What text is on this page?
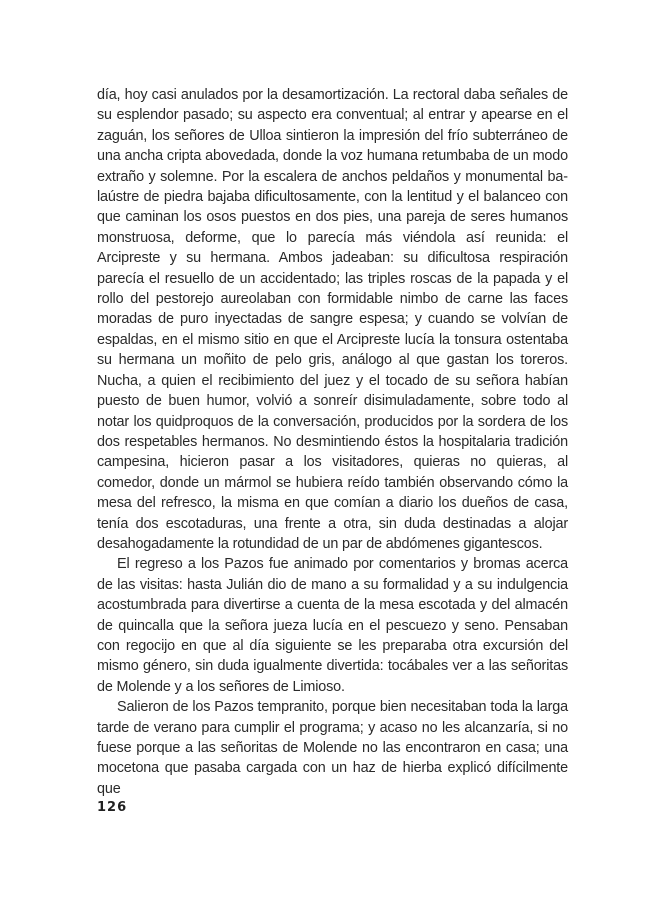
día, hoy casi anulados por la desamortización. La rectoral daba señales de su esplendor pasado; su aspecto era conventual; al entrar y apearse en el zaguán, los señores de Ulloa sintieron la impresión del frío subterráneo de una ancha cripta abovedada, donde la voz humana retumbaba de un modo extraño y solemne. Por la escalera de anchos peldaños y monumental balaústre de piedra bajaba dificultosamente, con la lentitud y el balanceo con que caminan los osos puestos en dos pies, una pareja de seres humanos monstruosa, deforme, que lo parecía más viéndola así reunida: el Arcipreste y su hermana. Ambos jadeaban: su dificultosa respiración parecía el resuello de un accidentado; las triples roscas de la papada y el rollo del pestorejo aureolaban con formidable nimbo de carne las faces moradas de puro inyectadas de sangre espesa; y cuando se volvían de espaldas, en el mismo sitio en que el Arcipreste lucía la tonsura ostentaba su hermana un moñito de pelo gris, análogo al que gastan los toreros. Nucha, a quien el recibimiento del juez y el tocado de su señora habían puesto de buen humor, volvió a sonreír disimuladamente, sobre todo al notar los quidproquos de la conversación, producidos por la sordera de los dos respetables hermanos. No desmintiendo éstos la hospitalaria tradición campesina, hicieron pasar a los visitadores, quieras no quieras, al comedor, donde un mármol se hubiera reído también observando cómo la mesa del refresco, la misma en que comían a diario los dueños de casa, tenía dos escotaduras, una frente a otra, sin duda destinadas a alojar desahogadamente la rotundidad de un par de abdómenes gigantescos.

El regreso a los Pazos fue animado por comentarios y bromas acerca de las visitas: hasta Julián dio de mano a su formalidad y a su indulgencia acostumbrada para divertirse a cuenta de la mesa escotada y del almacén de quincalla que la señora jueza lucía en el pescuezo y seno. Pensaban con regocijo en que al día siguiente se les preparaba otra excursión del mismo género, sin duda igualmente divertida: tocábales ver a las señoritas de Molende y a los señores de Limioso.

Salieron de los Pazos tempranito, porque bien necesitaban toda la larga tarde de verano para cumplir el programa; y acaso no les alcanzaría, si no fuese porque a las señoritas de Molende no las encontraron en casa; una mocetona que pasaba cargada con un haz de hierba explicó difícilmente que

126
